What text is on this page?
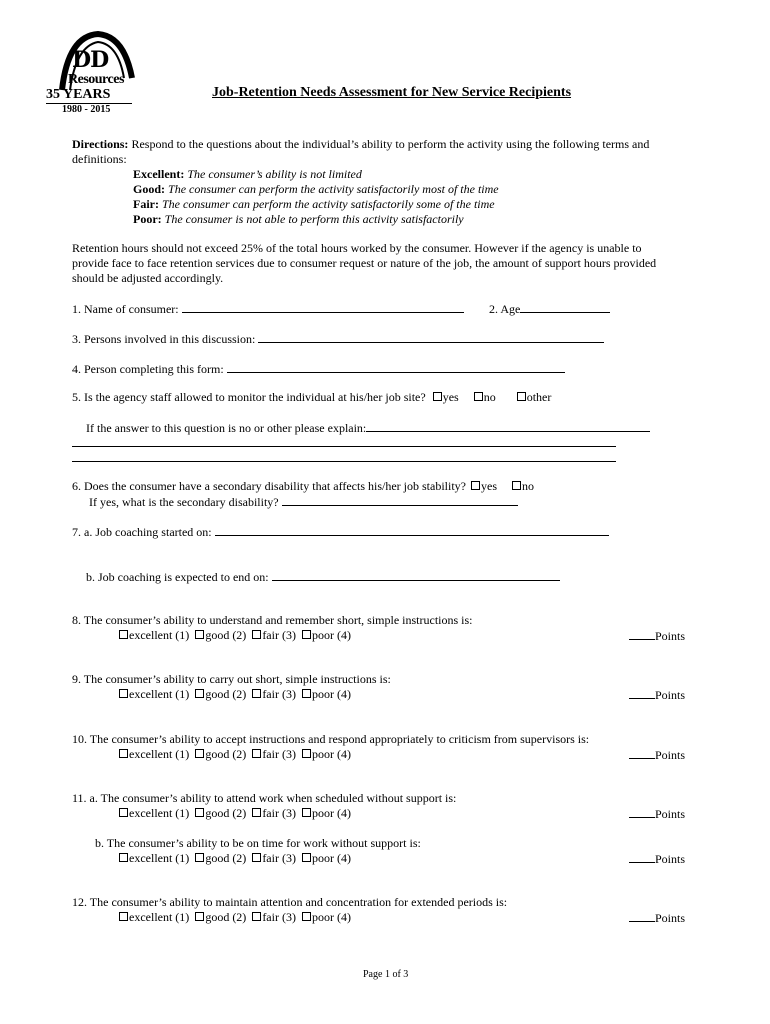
DD
Resources
35 YEARS
1980 - 2015
Job-Retention Needs Assessment for New Service Recipients
Directions: Respond to the questions about the individual’s ability to perform the activity using the following terms and
definitions:
Excellent: The consumer’s ability is not limited
Good: The consumer can perform the activity satisfactorily most of the time
Fair: The consumer can perform the activity satisfactorily some of the time
Poor: The consumer is not able to perform this activity satisfactorily
Retention hours should not exceed 25% of the total hours worked by the consumer. However if the agency is unable to
provide face to face retention services due to consumer request or nature of the job, the amount of support hours provided
should be adjusted accordingly.
1. Name of consumer:	2. Age
3. Persons involved in this discussion:
4. Person completing this form:
5. Is the agency staff allowed to monitor the individual at his/her job site? yes no	other
If the answer to this question is no or other please explain:
6. Does the consumer have a secondary disability that affects his/her job stability? yes no
If yes, what is the secondary disability?
7. a. Job coaching started on:
b. Job coaching is expected to end on:
8. The consumer’s ability to understand and remember short, simple instructions is:
excellent (1) good (2) fair (3) poor (4)	Points
9. The consumer’s ability to carry out short, simple instructions is:
excellent (1) good (2) fair (3) poor (4)	Points
10. The consumer’s ability to accept instructions and respond appropriately to criticism from supervisors is:
excellent (1) good (2) fair (3) poor (4)	Points
11. a. The consumer’s ability to attend work when scheduled without support is:
excellent (1) good (2) fair (3) poor (4)	Points
b. The consumer’s ability to be on time for work without support is:
excellent (1) good (2) fair (3) poor (4)	Points
12. The consumer’s ability to maintain attention and concentration for extended periods is:
excellent (1) good (2) fair (3) poor (4)	Points
Page 1 of 3
